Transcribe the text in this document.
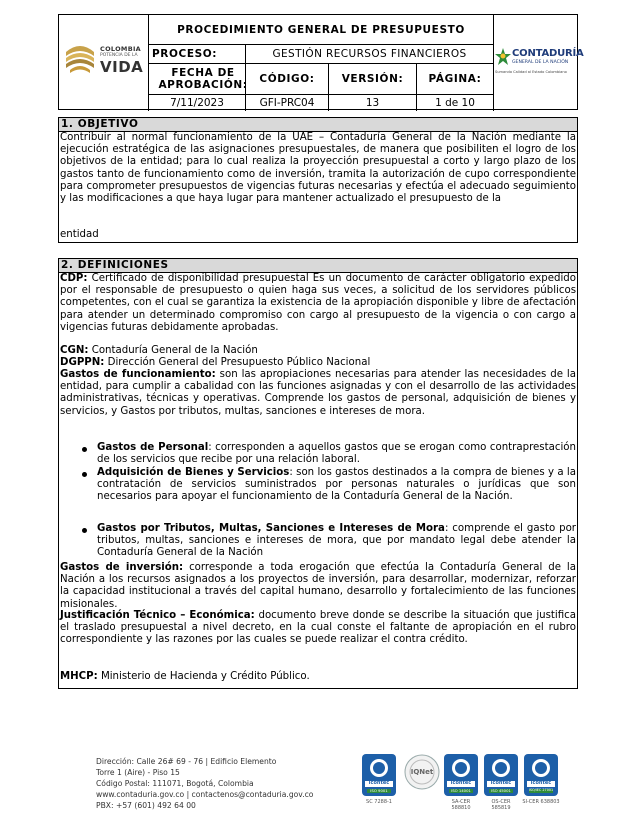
PROCEDIMIENTO GENERAL DE PRESUPUESTO
PROCESO:	GESTIÓN RECURSOS FINANCIEROS
FECHA DE APROBACIÓN:	CÓDIGO:	VERSIÓN:	PÁGINA:
7/11/2023	GFI-PRC04	13	1 de 10
COLOMBIA
POTENCIA DE LA
VIDA
CONTADURÍA
GENERAL DE LA NACIÓN
Sumando Calidad al Estado Colombiano
1. OBJETIVO
Contribuir al normal funcionamiento de la UAE – Contaduría General de la Nación mediante la ejecución estratégica de las asignaciones presupuestales, de manera que posibiliten el logro de los objetivos de la entidad; para lo cual realiza la proyección presupuestal a corto y largo plazo de los gastos tanto de funcionamiento como de inversión, tramita la autorización de cupo correspondiente para comprometer presupuestos de vigencias futuras necesarias y efectúa el adecuado seguimiento y las modificaciones a que haya lugar para mantener actualizado el presupuesto de la
entidad
2. DEFINICIONES
CDP: Certificado de disponibilidad presupuestal Es un documento de carácter obligatorio expedido por el responsable de presupuesto o quien haga sus veces, a solicitud de los servidores públicos competentes, con el cual se garantiza la existencia de la apropiación disponible y libre de afectación para atender un determinado compromiso con cargo al presupuesto de la vigencia o con cargo a vigencias futuras debidamente aprobadas.
CGN: Contaduría General de la Nación
DGPPN: Dirección General del Presupuesto Público Nacional
Gastos de funcionamiento: son las apropiaciones necesarias para atender las necesidades de la entidad, para cumplir a cabalidad con las funciones asignadas y con el desarrollo de las actividades administrativas, técnicas y operativas. Comprende los gastos de personal, adquisición de bienes y servicios, y Gastos por tributos, multas, sanciones e intereses de mora.
Gastos de Personal: corresponden a aquellos gastos que se erogan como contraprestación de los servicios que recibe por una relación laboral.
Adquisición de Bienes y Servicios: son los gastos destinados a la compra de bienes y a la contratación de servicios suministrados por personas naturales o jurídicas que son necesarios para apoyar el funcionamiento de la Contaduría General de la Nación.
Gastos por Tributos, Multas, Sanciones e Intereses de Mora: comprende el gasto por tributos, multas, sanciones e intereses de mora, que por mandato legal debe atender la Contaduría General de la Nación
Gastos de inversión: corresponde a toda erogación que efectúa la Contaduría General de la Nación a los recursos asignados a los proyectos de inversión, para desarrollar, modernizar, reforzar la capacidad institucional a través del capital humano, desarrollo y fortalecimiento de las funciones misionales.
Justificación Técnico – Económica: documento breve donde se describe la situación que justifica el traslado presupuestal a nivel decreto, en la cual conste el faltante de apropiación en el rubro correspondiente y las razones por las cuales se puede realizar el contra crédito.
MHCP: Ministerio de Hacienda y Crédito Público.
Dirección: Calle 26# 69 - 76 | Edificio Elemento
Torre 1 (Aire) - Piso 15
Código Postal: 111071, Bogotá, Colombia
www.contaduria.gov.co | contactenos@contaduria.gov.co
PBX: +57 (601) 492 64 00
icontec
ISO 9001
SC 7288-1
IQNet
icontec
ISO 14001
SA-CER 588810
icontec
ISO 45001
OS-CER 585819
icontec
ISO/IEC 27001
SI-CER 638803
